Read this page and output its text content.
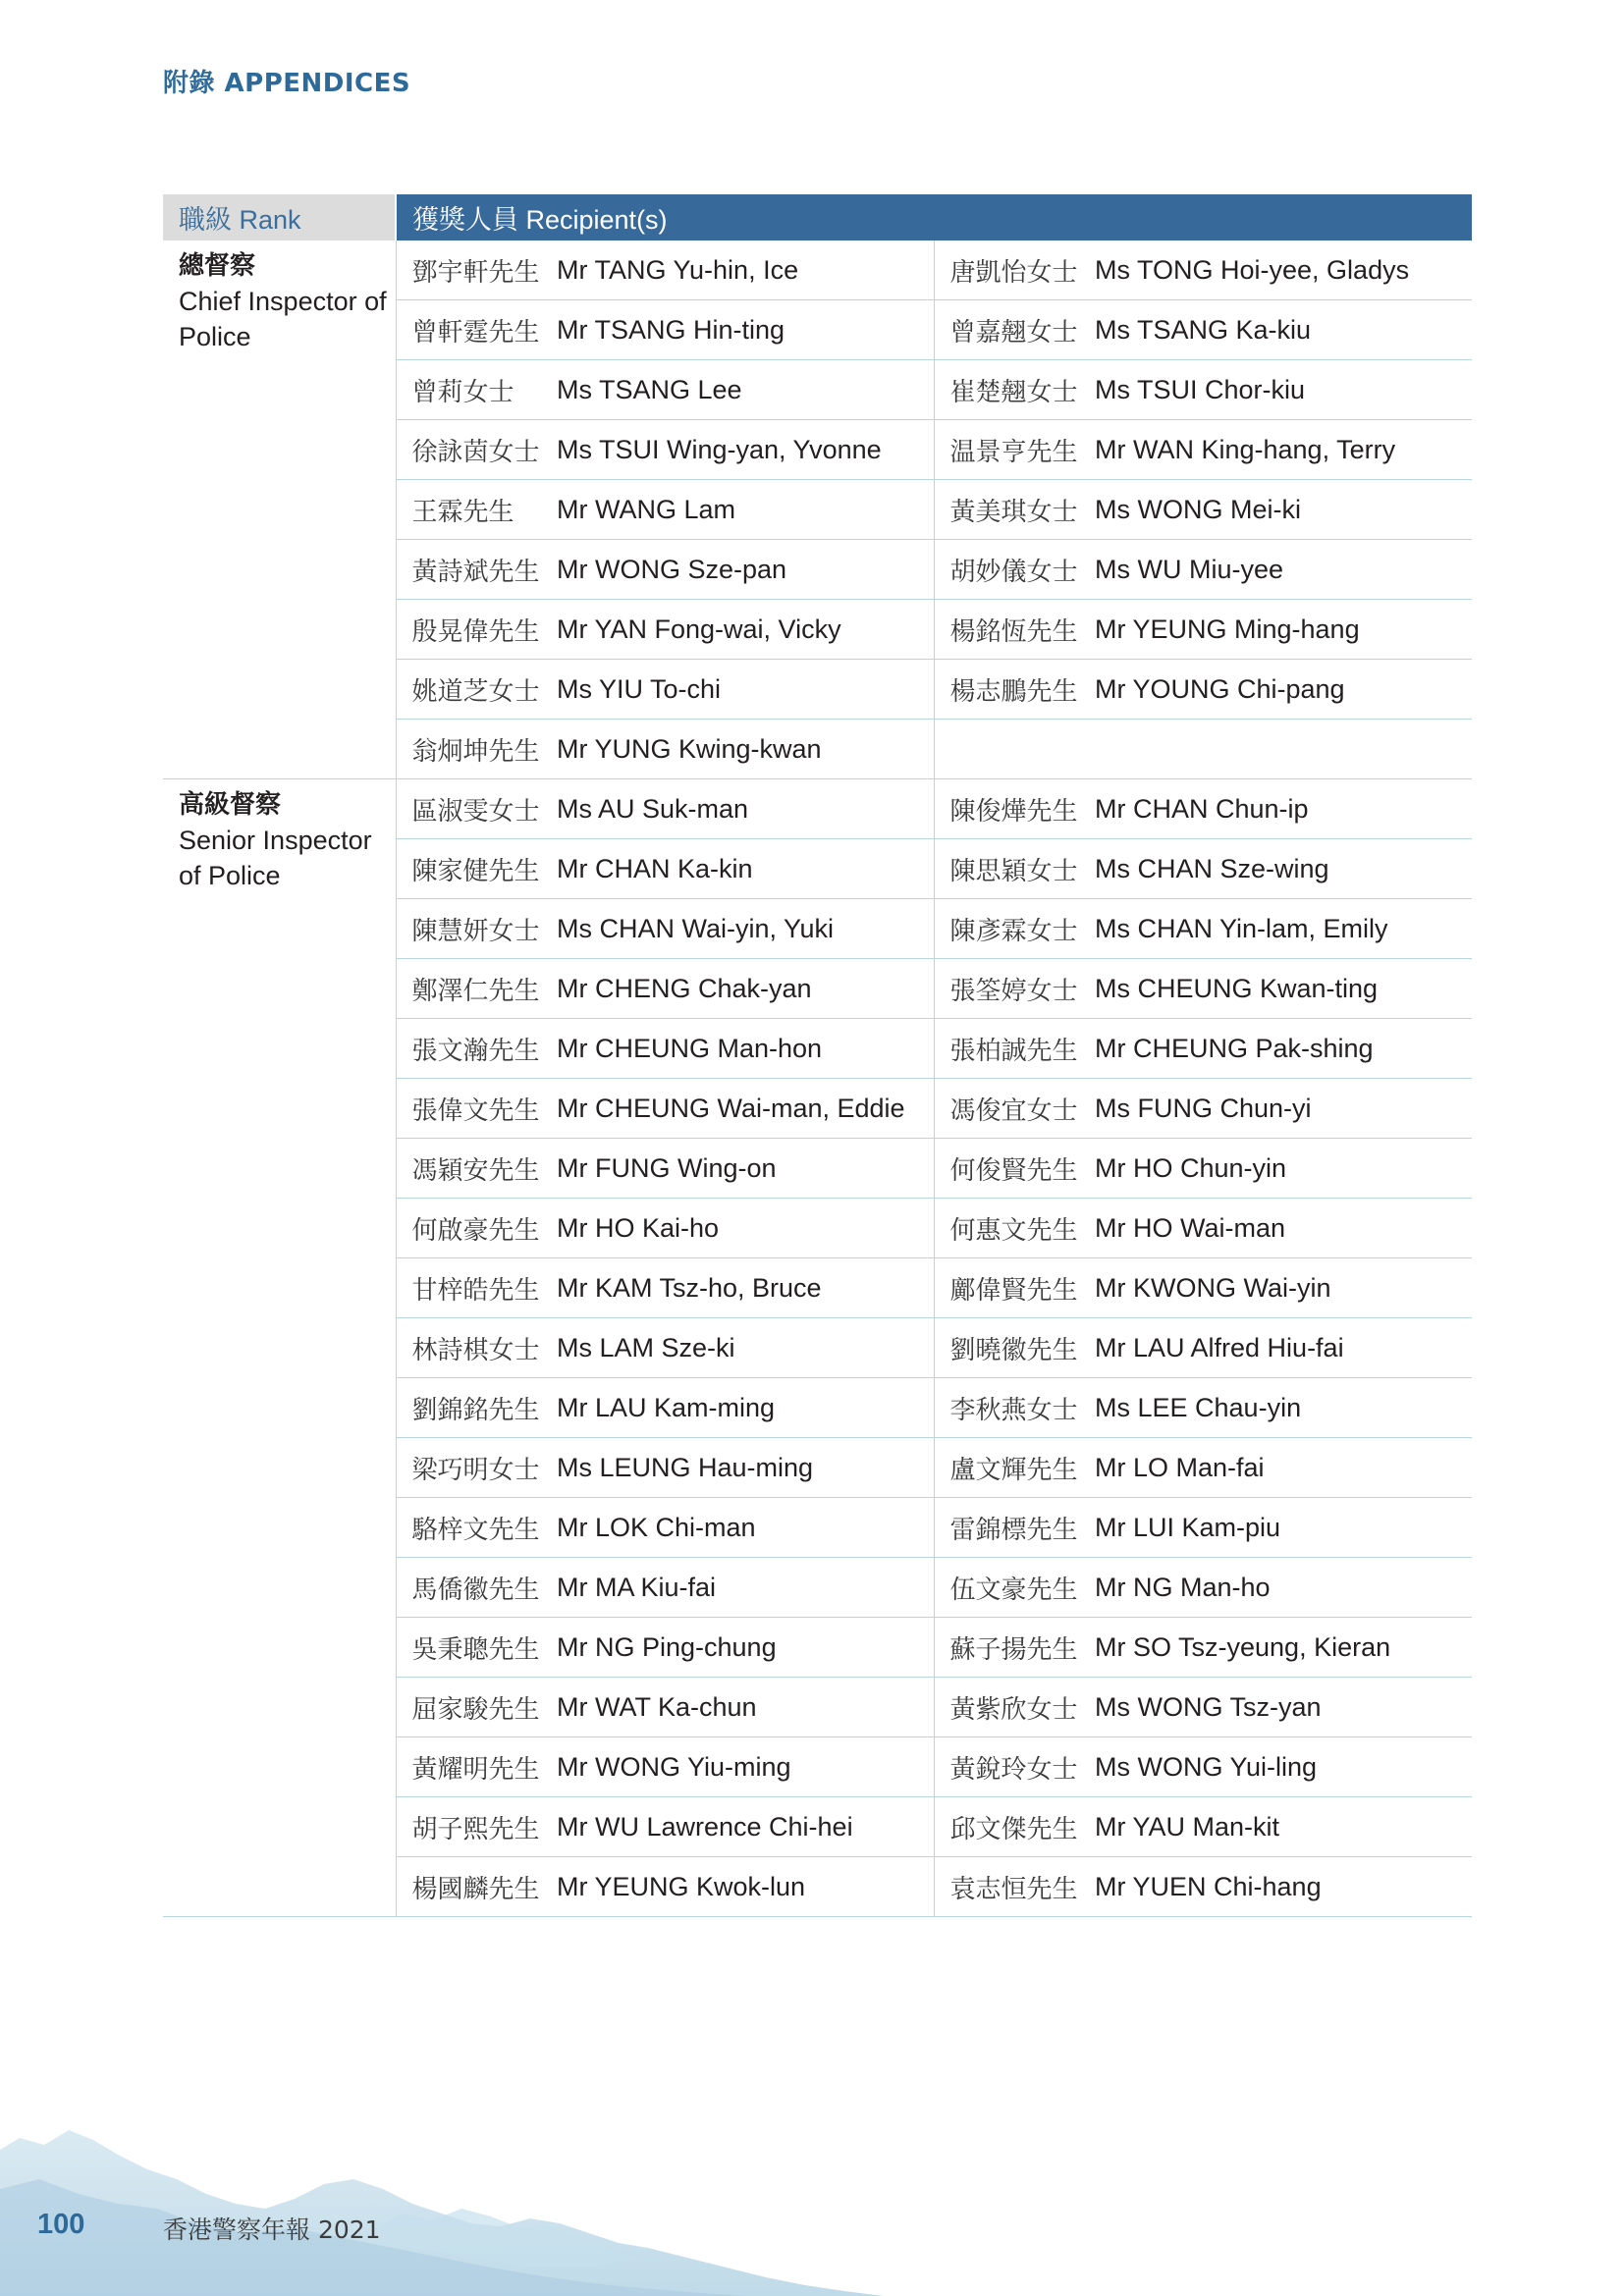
附錄 APPENDICES
職級 Rank	獲獎人員 Recipient(s)			

總督察
Chief Inspector of Police	鄧宇軒先生	Mr TANG Yu-hin, Ice	唐凱怡女士	Ms TONG Hoi-yee, Gladys
	曾軒霆先生	Mr TSANG Hin-ting	曾嘉翹女士	Ms TSANG Ka-kiu
	曾莉女士	Ms TSANG Lee	崔楚翹女士	Ms TSUI Chor-kiu
	徐詠茵女士	Ms TSUI Wing-yan, Yvonne	温景亨先生	Mr WAN King-hang, Terry
	王霖先生	Mr WANG Lam	黃美琪女士	Ms WONG Mei-ki
	黃詩斌先生	Mr WONG Sze-pan	胡妙儀女士	Ms WU Miu-yee
	殷晃偉先生	Mr YAN Fong-wai, Vicky	楊銘恆先生	Mr YEUNG Ming-hang
	姚道芝女士	Ms YIU To-chi	楊志鵬先生	Mr YOUNG Chi-pang
	翁炯坤先生	Mr YUNG Kwing-kwan		

高級督察
Senior Inspector of Police	區淑雯女士	Ms AU Suk-man	陳俊燁先生	Mr CHAN Chun-ip
	陳家健先生	Mr CHAN Ka-kin	陳思穎女士	Ms CHAN Sze-wing
	陳慧妍女士	Ms CHAN Wai-yin, Yuki	陳彥霖女士	Ms CHAN Yin-lam, Emily
	鄭澤仁先生	Mr CHENG Chak-yan	張筌婷女士	Ms CHEUNG Kwan-ting
	張文瀚先生	Mr CHEUNG Man-hon	張柏誠先生	Mr CHEUNG Pak-shing
	張偉文先生	Mr CHEUNG Wai-man, Eddie	馮俊宜女士	Ms FUNG Chun-yi
	馮穎安先生	Mr FUNG Wing-on	何俊賢先生	Mr HO Chun-yin
	何啟豪先生	Mr HO Kai-ho	何惠文先生	Mr HO Wai-man
	甘梓皓先生	Mr KAM Tsz-ho, Bruce	鄺偉賢先生	Mr KWONG Wai-yin
	林詩棋女士	Ms LAM Sze-ki	劉曉徽先生	Mr LAU Alfred Hiu-fai
	劉錦銘先生	Mr LAU Kam-ming	李秋燕女士	Ms LEE Chau-yin
	梁巧明女士	Ms LEUNG Hau-ming	盧文輝先生	Mr LO Man-fai
	駱梓文先生	Mr LOK Chi-man	雷錦標先生	Mr LUI Kam-piu
	馬僑徽先生	Mr MA Kiu-fai	伍文豪先生	Mr NG Man-ho
	吳秉聰先生	Mr NG Ping-chung	蘇子揚先生	Mr SO Tsz-yeung, Kieran
	屈家駿先生	Mr WAT Ka-chun	黃紫欣女士	Ms WONG Tsz-yan
	黃耀明先生	Mr WONG Yiu-ming	黃銳玲女士	Ms WONG Yui-ling
	胡子熙先生	Mr WU Lawrence Chi-hei	邱文傑先生	Mr YAU Man-kit
	楊國麟先生	Mr YEUNG Kwok-lun	袁志恒先生	Mr YUEN Chi-hang
100	香港警察年報 2021
